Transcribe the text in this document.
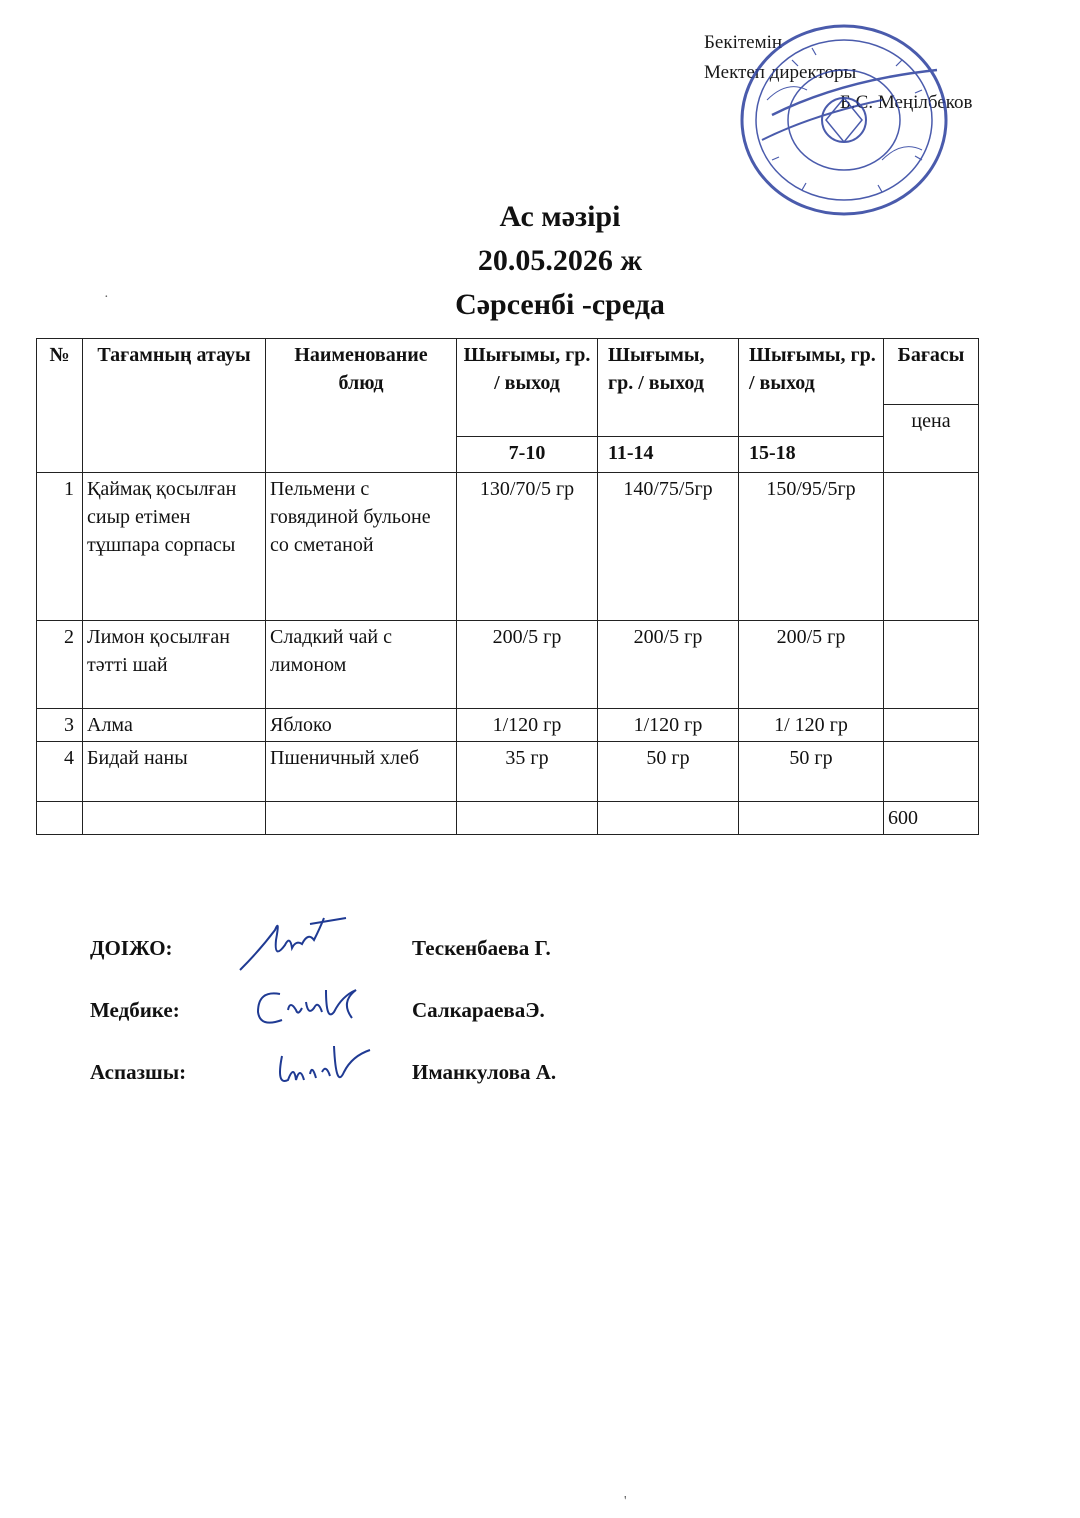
Бекітемін
Мектеп директоры
Б.С. Меңілбеков
Ас мәзірі
20.05.2026 ж
Сәрсенбі -среда
№	Тағамның атауы	Наименование блюд	Шығымы, гр. / выход	Шығымы, гр. / выход	Шығымы, гр. / выход	Бағасы
						цена
			7-10	11-14	15-18	
1	Қаймақ қосылған сиыр етімен тұшпара сорпасы	Пельмени с говядиной бульоне со сметаной	130/70/5 гр	140/75/5гр	150/95/5гр	
2	Лимон қосылған тәтті шай	Сладкий чай с лимоном	200/5 гр	200/5 гр	200/5 гр	
3	Алма	Яблоко	1/120 гр	1/120 гр	1/ 120 гр	
4	Бидай наны	Пшеничный хлеб	35 гр	50 гр	50 гр	
						600
ДОІЖО:	Тескенбаева Г.
Медбике:	СалкараеваЭ.
Аспазшы:	Иманкулова А.
·
'
